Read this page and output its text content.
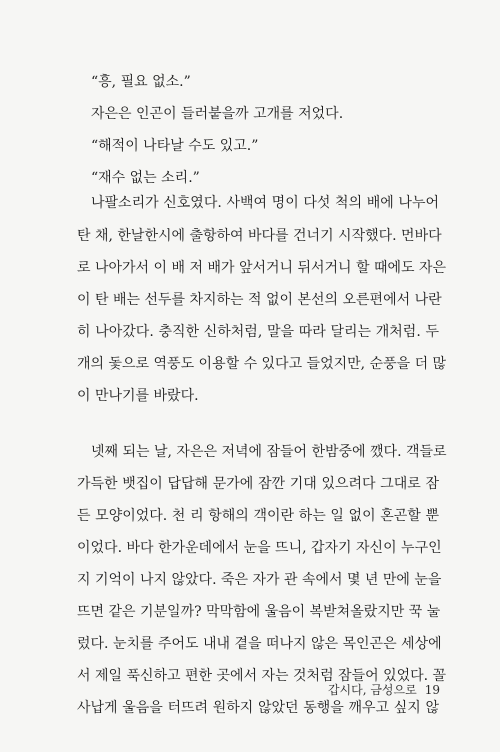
“흥, 필요 없소.”
자은은 인곤이 들러붙을까 고개를 저었다.
“해적이 나타날 수도 있고.”
“재수 없는 소리.”
나팔소리가 신호였다. 사백여 명이 다섯 척의 배에 나누어
탄 채, 한날한시에 출항하여 바다를 건너기 시작했다. 먼바다
로 나아가서 이 배 저 배가 앞서거니 뒤서거니 할 때에도 자은
이 탄 배는 선두를 차지하는 적 없이 본선의 오른편에서 나란
히 나아갔다. 충직한 신하처럼, 말을 따라 달리는 개처럼. 두
개의 돛으로 역풍도 이용할 수 있다고 들었지만, 순풍을 더 많
이 만나기를 바랐다.
넷째 되는 날, 자은은 저녁에 잠들어 한밤중에 깼다. 객들로
가득한 뱃집이 답답해 문가에 잠깐 기대 있으려다 그대로 잠
든 모양이었다. 천 리 항해의 객이란 하는 일 없이 혼곤할 뿐
이었다. 바다 한가운데에서 눈을 뜨니, 갑자기 자신이 누구인
지 기억이 나지 않았다. 죽은 자가 관 속에서 몇 년 만에 눈을
뜨면 같은 기분일까? 막막함에 울음이 복받쳐올랐지만 꾹 눌
렀다. 눈치를 주어도 내내 곁을 떠나지 않은 목인곤은 세상에
서 제일 푹신하고 편한 곳에서 자는 것처럼 잠들어 있었다. 꼴
사납게 울음을 터뜨려 원하지 않았던 동행을 깨우고 싶지 않
갑시다, 금성으로 19
